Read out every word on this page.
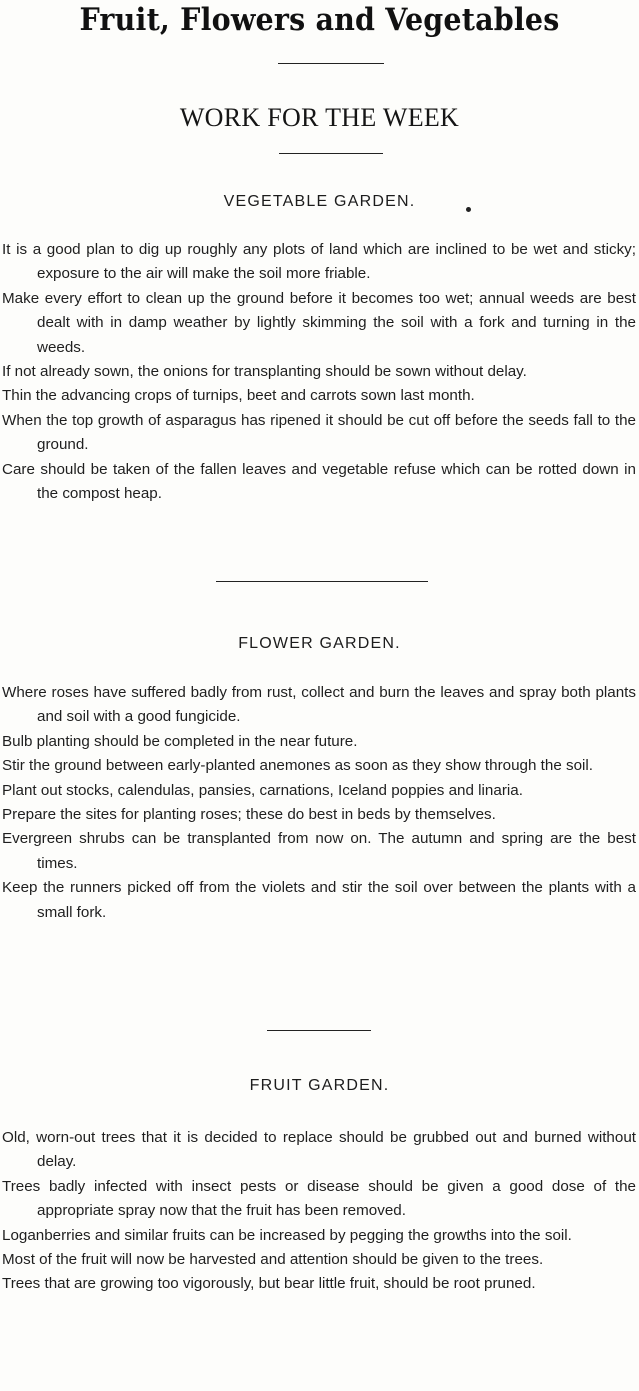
Fruit, Flowers and Vegetables
WORK FOR THE WEEK
VEGETABLE GARDEN.
It is a good plan to dig up roughly any plots of land which are inclined to be wet and sticky; exposure to the air will make the soil more friable.
Make every effort to clean up the ground before it becomes too wet; annual weeds are best dealt with in damp weather by lightly skimming the soil with a fork and turning in the weeds.
If not already sown, the onions for transplanting should be sown without delay.
Thin the advancing crops of turnips, beet and carrots sown last month.
When the top growth of asparagus has ripened it should be cut off before the seeds fall to the ground.
Care should be taken of the fallen leaves and vegetable refuse which can be rotted down in the compost heap.
FLOWER GARDEN.
Where roses have suffered badly from rust, collect and burn the leaves and spray both plants and soil with a good fungicide.
Bulb planting should be completed in the near future.
Stir the ground between early-planted anemones as soon as they show through the soil.
Plant out stocks, calendulas, pansies, carnations, Iceland poppies and linaria.
Prepare the sites for planting roses; these do best in beds by themselves.
Evergreen shrubs can be transplanted from now on. The autumn and spring are the best times.
Keep the runners picked off from the violets and stir the soil over between the plants with a small fork.
FRUIT GARDEN.
Old, worn-out trees that it is decided to replace should be grubbed out and burned without delay.
Trees badly infected with insect pests or disease should be given a good dose of the appropriate spray now that the fruit has been removed.
Loganberries and similar fruits can be increased by pegging the growths into the soil.
Most of the fruit will now be harvested and attention should be given to the trees.
Trees that are growing too vigorously, but bear little fruit, should be root pruned.
